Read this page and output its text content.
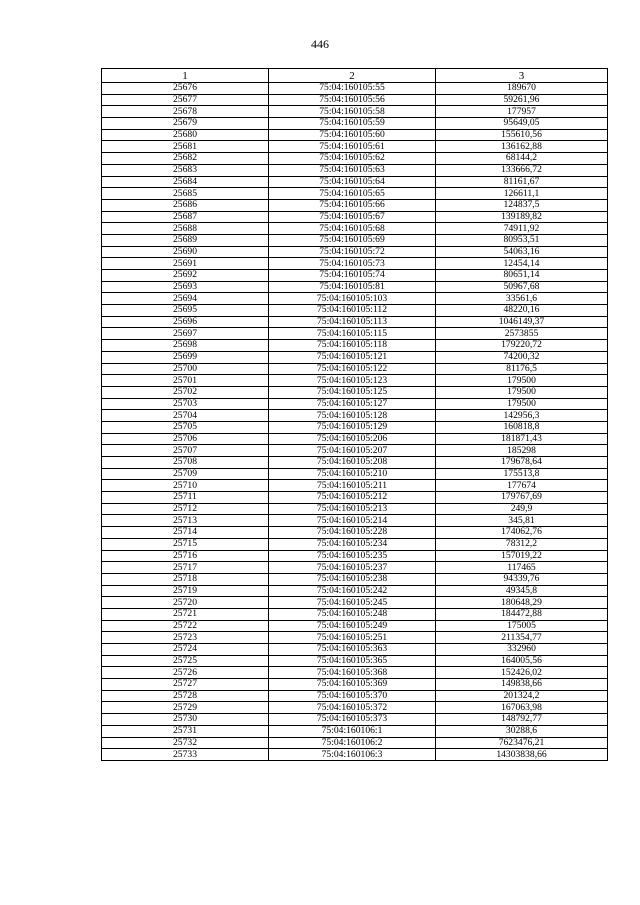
446
1	2	3
25676	75:04:160105:55	189670
25677	75:04:160105:56	59261,96
25678	75:04:160105:58	177957
25679	75:04:160105:59	95649,05
25680	75:04:160105:60	155610,56
25681	75:04:160105:61	136162,88
25682	75:04:160105:62	68144,2
25683	75:04:160105:63	133666,72
25684	75:04:160105:64	81161,67
25685	75:04:160105:65	126611,1
25686	75:04:160105:66	124837,5
25687	75:04:160105:67	139189,82
25688	75:04:160105:68	74911,92
25689	75:04:160105:69	80953,51
25690	75:04:160105:72	54063,16
25691	75:04:160105:73	12454,14
25692	75:04:160105:74	80651,14
25693	75:04:160105:81	50967,68
25694	75:04:160105:103	33561,6
25695	75:04:160105:112	48220,16
25696	75:04:160105:113	1046149,37
25697	75:04:160105:115	2573855
25698	75:04:160105:118	179220,72
25699	75:04:160105:121	74200,32
25700	75:04:160105:122	81176,5
25701	75:04:160105:123	179500
25702	75:04:160105:125	179500
25703	75:04:160105:127	179500
25704	75:04:160105:128	142956,3
25705	75:04:160105:129	160818,8
25706	75:04:160105:206	181871,43
25707	75:04:160105:207	185298
25708	75:04:160105:208	179678,64
25709	75:04:160105:210	175513,8
25710	75:04:160105:211	177674
25711	75:04:160105:212	179767,69
25712	75:04:160105:213	249,9
25713	75:04:160105:214	345,81
25714	75:04:160105:228	174062,76
25715	75:04:160105:234	78312,2
25716	75:04:160105:235	157019,22
25717	75:04:160105:237	117465
25718	75:04:160105:238	94339,76
25719	75:04:160105:242	49345,8
25720	75:04:160105:245	180648,29
25721	75:04:160105:248	184472,88
25722	75:04:160105:249	175005
25723	75:04:160105:251	211354,77
25724	75:04:160105:363	332960
25725	75:04:160105:365	164005,56
25726	75:04:160105:368	152426,02
25727	75:04:160105:369	149838,66
25728	75:04:160105:370	201324,2
25729	75:04:160105:372	167063,98
25730	75:04:160105:373	148792,77
25731	75:04:160106:1	30288,6
25732	75:04:160106:2	7623476,21
25733	75:04:160106:3	14303838,66
